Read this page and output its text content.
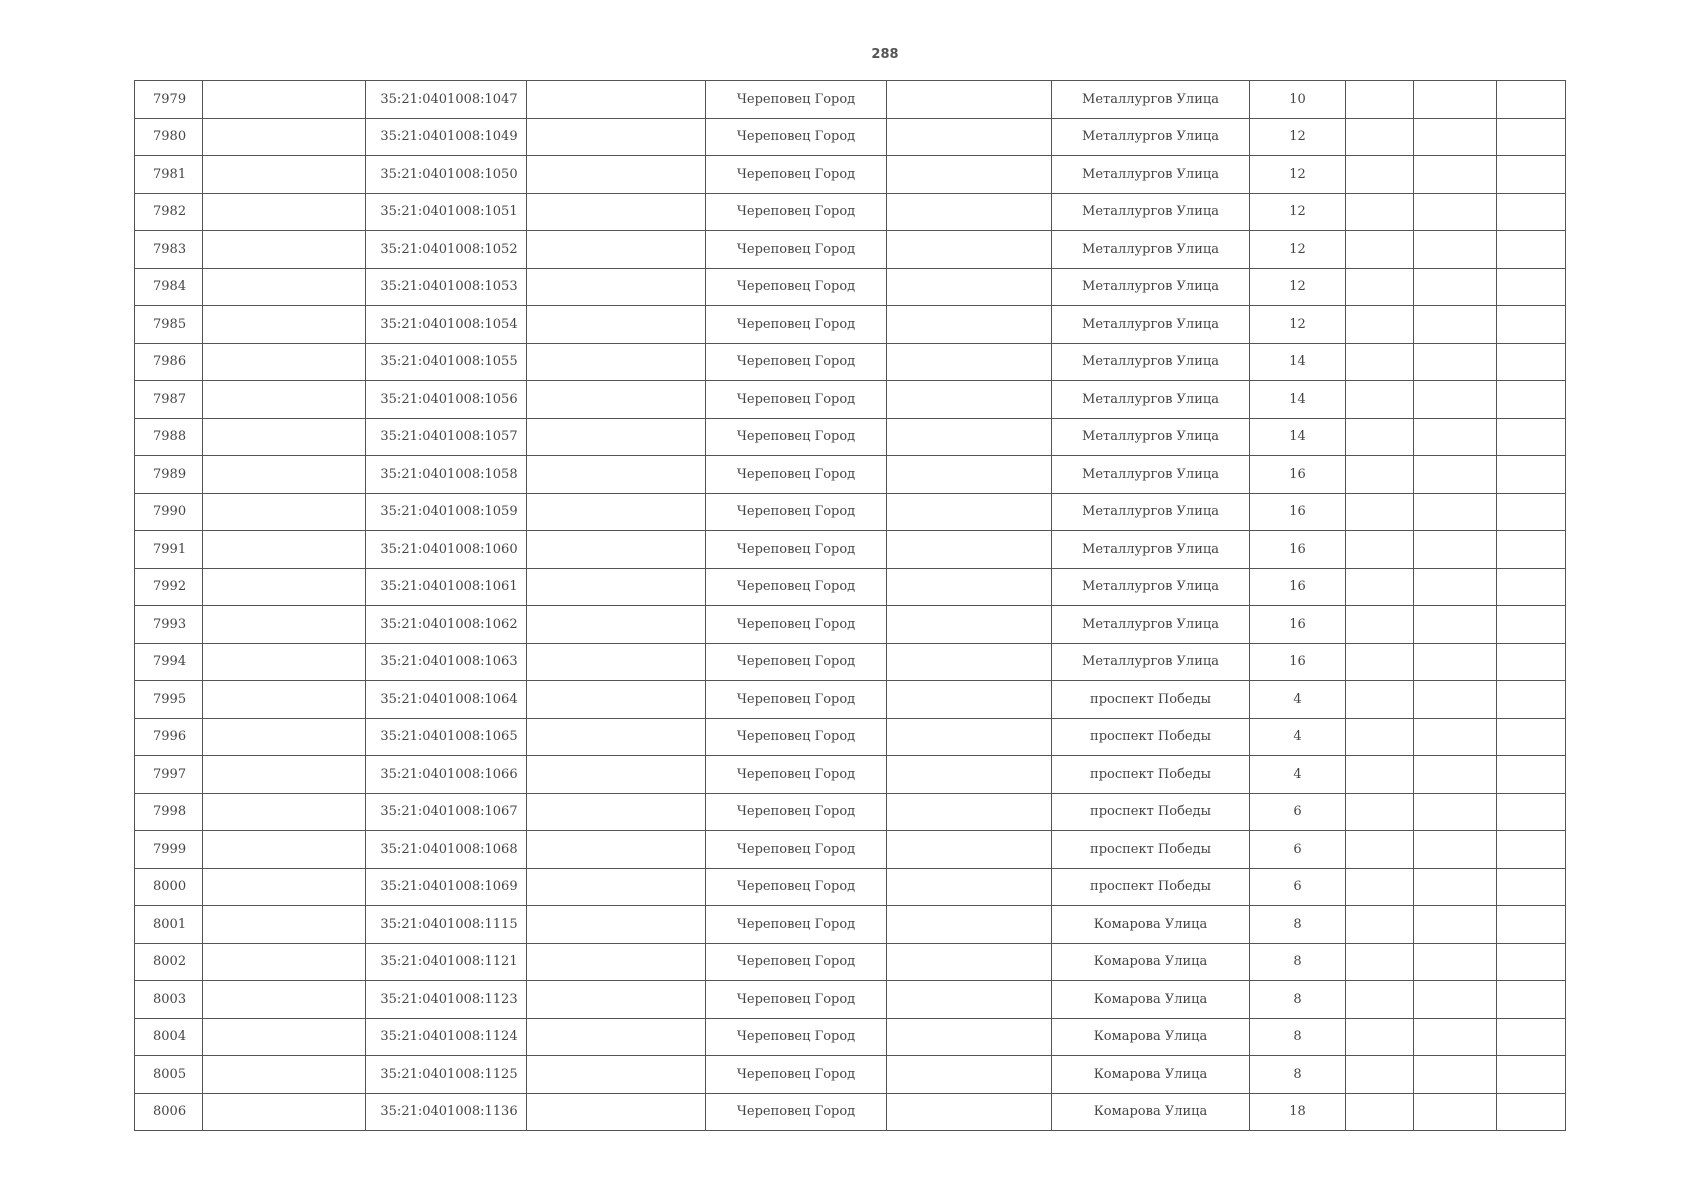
288
7979		35:21:0401008:1047		Череповец Город		Металлургов Улица	10			
7980		35:21:0401008:1049		Череповец Город		Металлургов Улица	12			
7981		35:21:0401008:1050		Череповец Город		Металлургов Улица	12			
7982		35:21:0401008:1051		Череповец Город		Металлургов Улица	12			
7983		35:21:0401008:1052		Череповец Город		Металлургов Улица	12			
7984		35:21:0401008:1053		Череповец Город		Металлургов Улица	12			
7985		35:21:0401008:1054		Череповец Город		Металлургов Улица	12			
7986		35:21:0401008:1055		Череповец Город		Металлургов Улица	14			
7987		35:21:0401008:1056		Череповец Город		Металлургов Улица	14			
7988		35:21:0401008:1057		Череповец Город		Металлургов Улица	14			
7989		35:21:0401008:1058		Череповец Город		Металлургов Улица	16			
7990		35:21:0401008:1059		Череповец Город		Металлургов Улица	16			
7991		35:21:0401008:1060		Череповец Город		Металлургов Улица	16			
7992		35:21:0401008:1061		Череповец Город		Металлургов Улица	16			
7993		35:21:0401008:1062		Череповец Город		Металлургов Улица	16			
7994		35:21:0401008:1063		Череповец Город		Металлургов Улица	16			
7995		35:21:0401008:1064		Череповец Город		проспект Победы	4			
7996		35:21:0401008:1065		Череповец Город		проспект Победы	4			
7997		35:21:0401008:1066		Череповец Город		проспект Победы	4			
7998		35:21:0401008:1067		Череповец Город		проспект Победы	6			
7999		35:21:0401008:1068		Череповец Город		проспект Победы	6			
8000		35:21:0401008:1069		Череповец Город		проспект Победы	6			
8001		35:21:0401008:1115		Череповец Город		Комарова Улица	8			
8002		35:21:0401008:1121		Череповец Город		Комарова Улица	8			
8003		35:21:0401008:1123		Череповец Город		Комарова Улица	8			
8004		35:21:0401008:1124		Череповец Город		Комарова Улица	8			
8005		35:21:0401008:1125		Череповец Город		Комарова Улица	8			
8006		35:21:0401008:1136		Череповец Город		Комарова Улица	18			
